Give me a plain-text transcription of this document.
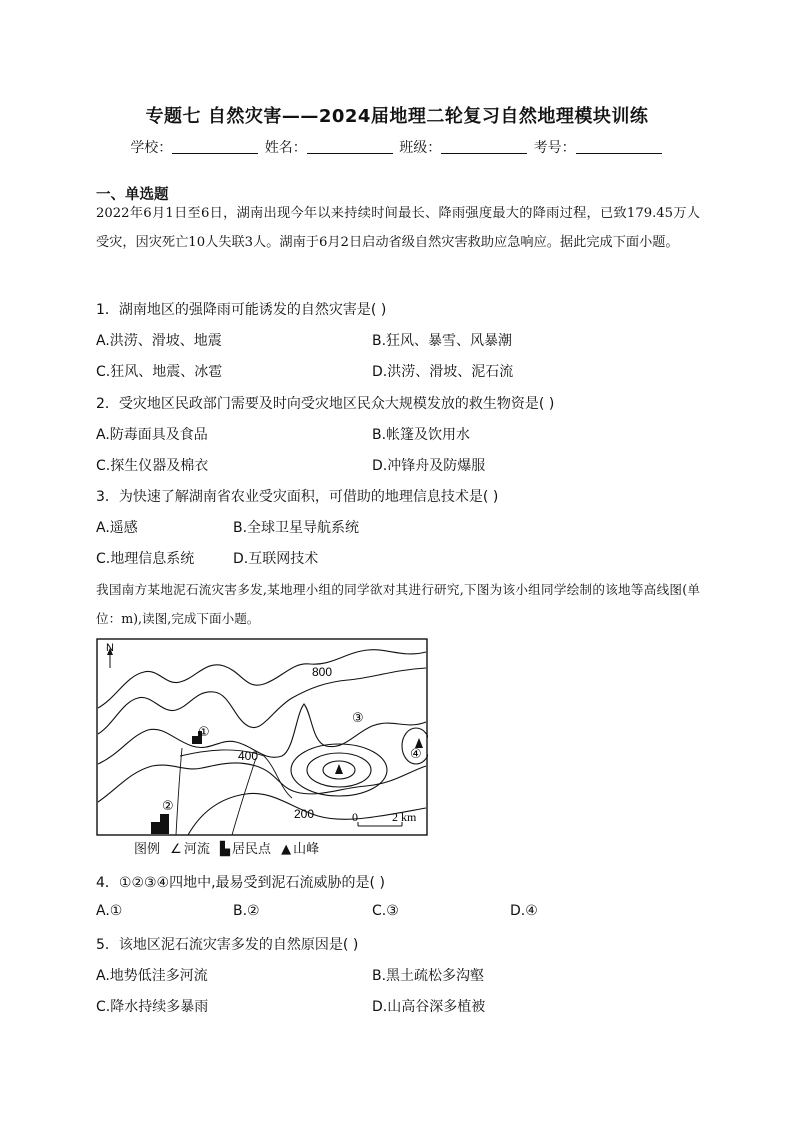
专题七 自然灾害——2024届地理二轮复习自然地理模块训练
学校：	姓名：	班级：	考号：
一、单选题
2022年6月1日至6日，湖南出现今年以来持续时间最长、降雨强度最大的降雨过程，已致179.45万人受灾，因灾死亡10人失联3人。湖南于6月2日启动省级自然灾害救助应急响应。据此完成下面小题。
1．湖南地区的强降雨可能诱发的自然灾害是( )
A.洪涝、滑坡、地震	B.狂风、暴雪、风暴潮
C.狂风、地震、冰雹	D.洪涝、滑坡、泥石流
2．受灾地区民政部门需要及时向受灾地区民众大规模发放的救生物资是( )
A.防毒面具及食品	B.帐篷及饮用水
C.探生仪器及棉衣	D.冲锋舟及防爆服
3．为快速了解湖南省农业受灾面积，可借助的地理信息技术是( )
A.遥感	B.全球卫星导航系统
C.地理信息系统	D.互联网技术
我国南方某地泥石流灾害多发,某地理小组的同学欲对其进行研究,下图为该小组同学绘制的该地等高线图(单位：m),读图,完成下面小题。
N
800
400
200
①
②
③
④
0	2 km
图例 ∠ 河流 ▙ 居民点 ▲ 山峰
4．①②③④四地中,最易受到泥石流威胁的是( )
A.①	B.②	C.③	D.④
5．该地区泥石流灾害多发的自然原因是( )
A.地势低洼多河流	B.黑土疏松多沟壑
C.降水持续多暴雨	D.山高谷深多植被
